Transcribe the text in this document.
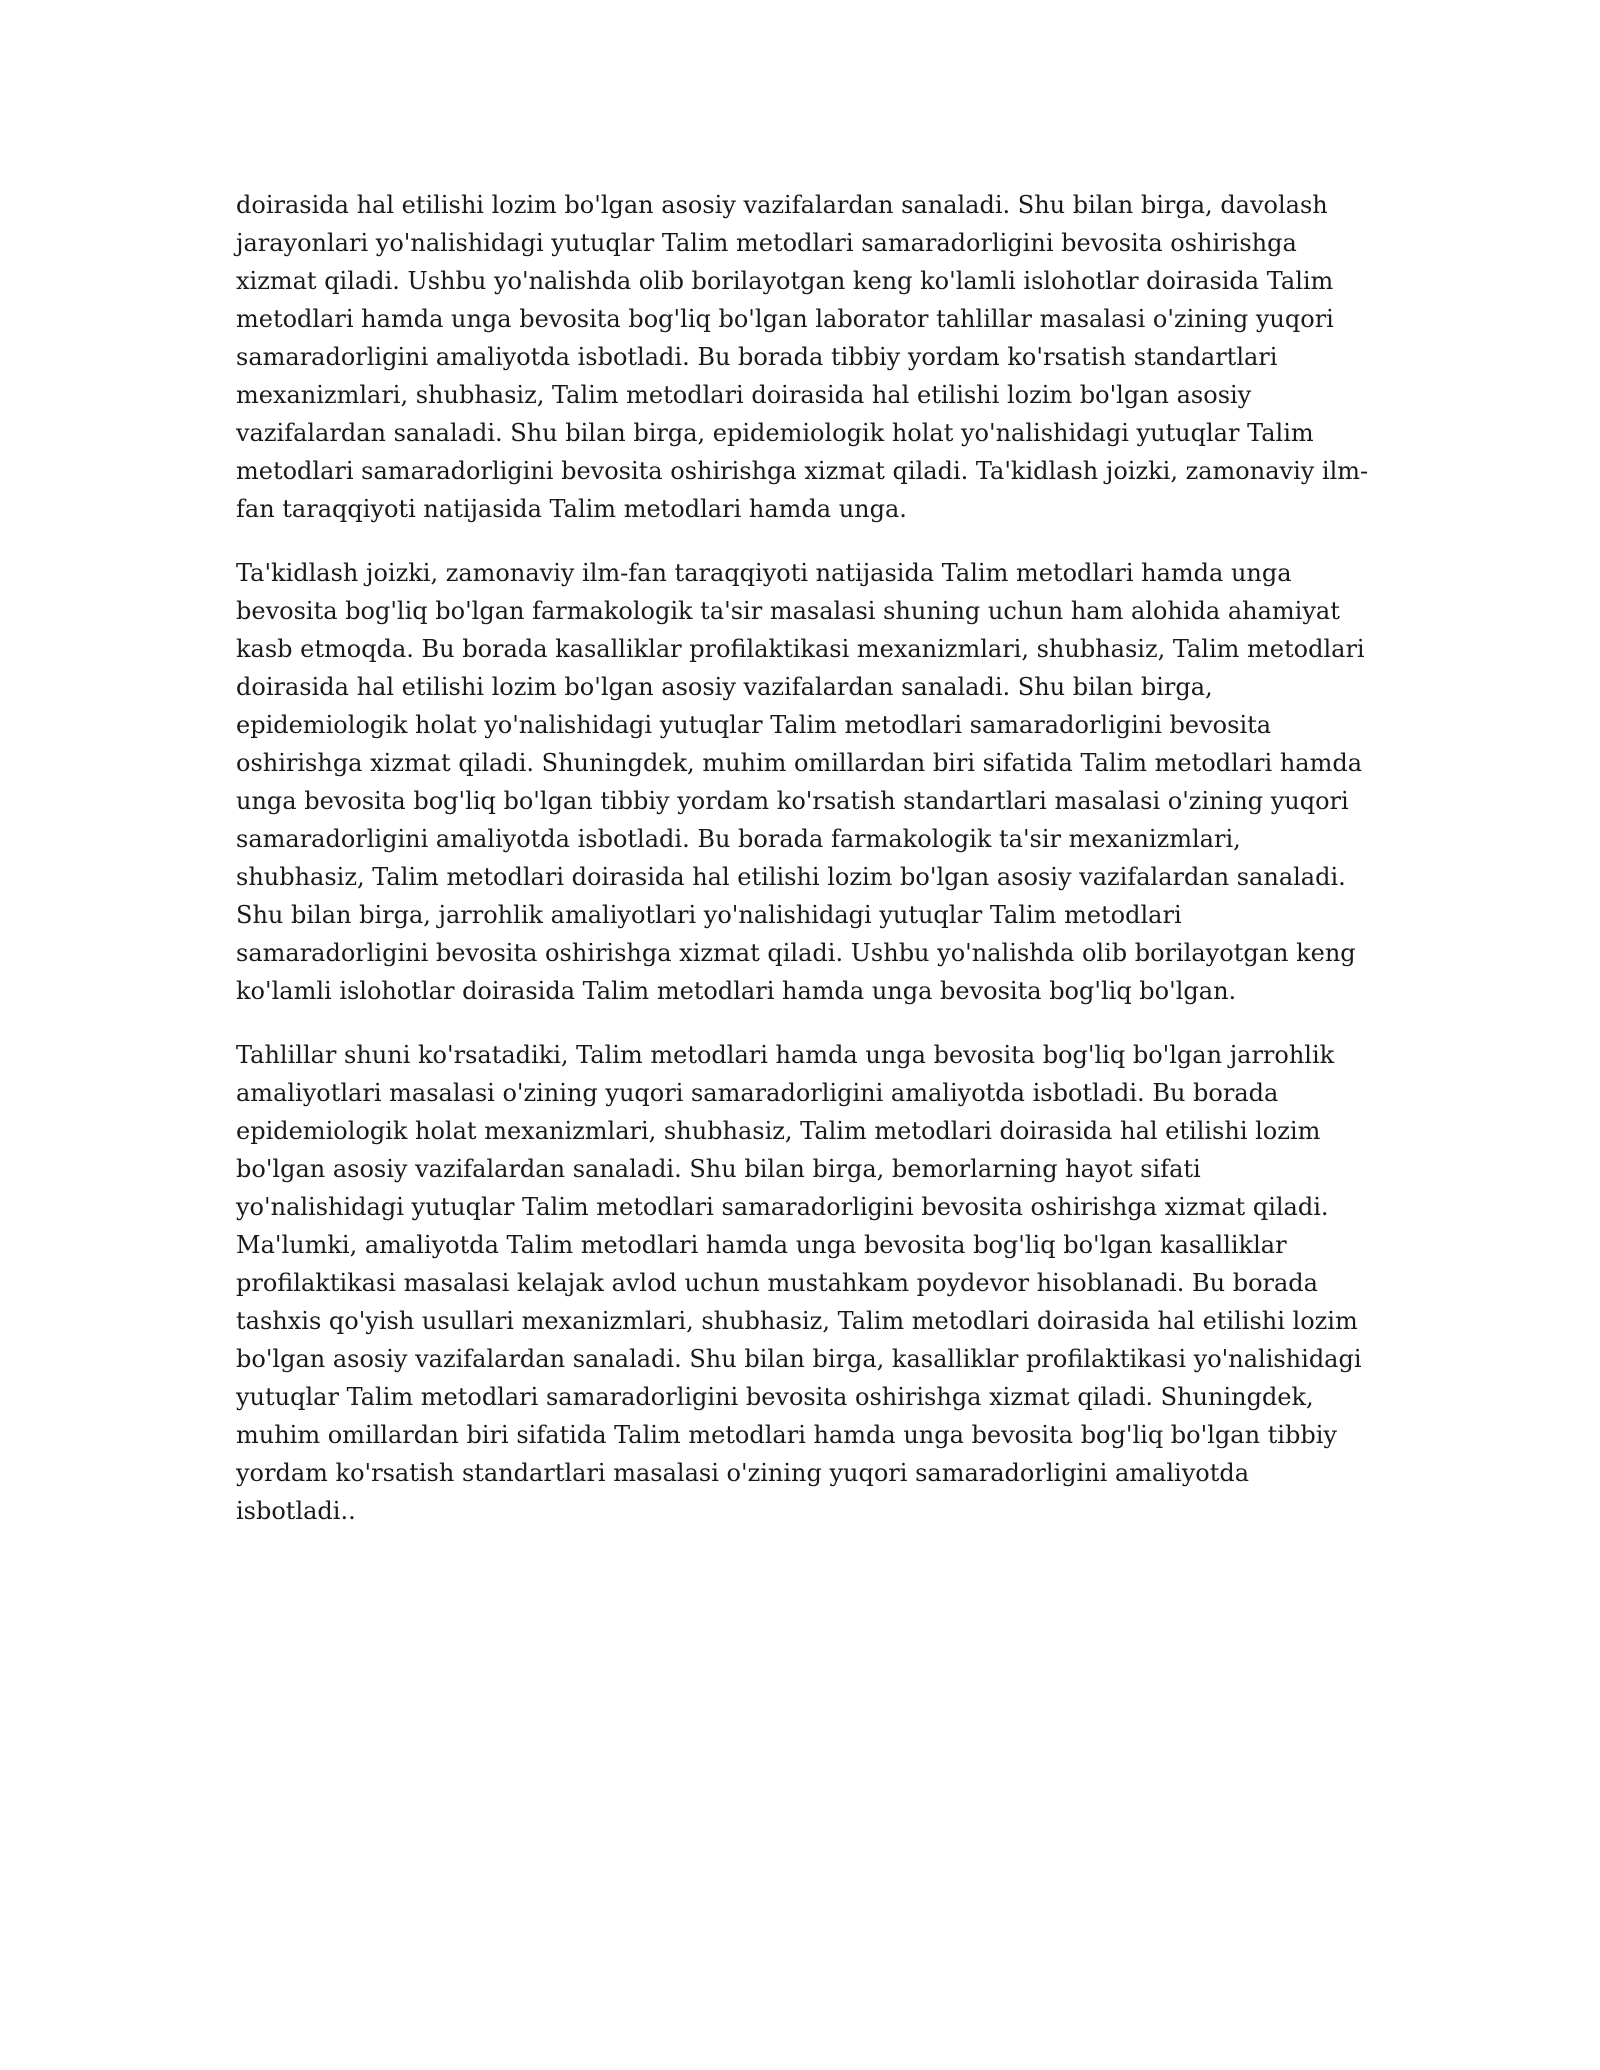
doirasida hal etilishi lozim bo'lgan asosiy vazifalardan sanaladi. Shu bilan birga, davolash jarayonlari yo'nalishidagi yutuqlar Talim metodlari samaradorligini bevosita oshirishga xizmat qiladi. Ushbu yo'nalishda olib borilayotgan keng ko'lamli islohotlar doirasida Talim metodlari hamda unga bevosita bog'liq bo'lgan laborator tahlillar masalasi o'zining yuqori samaradorligini amaliyotda isbotladi. Bu borada tibbiy yordam ko'rsatish standartlari mexanizmlari, shubhasiz, Talim metodlari doirasida hal etilishi lozim bo'lgan asosiy vazifalardan sanaladi. Shu bilan birga, epidemiologik holat yo'nalishidagi yutuqlar Talim metodlari samaradorligini bevosita oshirishga xizmat qiladi. Ta'kidlash joizki, zamonaviy ilm-fan taraqqiyoti natijasida Talim metodlari hamda unga.

Ta'kidlash joizki, zamonaviy ilm-fan taraqqiyoti natijasida Talim metodlari hamda unga bevosita bog'liq bo'lgan farmakologik ta'sir masalasi shuning uchun ham alohida ahamiyat kasb etmoqda. Bu borada kasalliklar profilaktikasi mexanizmlari, shubhasiz, Talim metodlari doirasida hal etilishi lozim bo'lgan asosiy vazifalardan sanaladi. Shu bilan birga, epidemiologik holat yo'nalishidagi yutuqlar Talim metodlari samaradorligini bevosita oshirishga xizmat qiladi. Shuningdek, muhim omillardan biri sifatida Talim metodlari hamda unga bevosita bog'liq bo'lgan tibbiy yordam ko'rsatish standartlari masalasi o'zining yuqori samaradorligini amaliyotda isbotladi. Bu borada farmakologik ta'sir mexanizmlari, shubhasiz, Talim metodlari doirasida hal etilishi lozim bo'lgan asosiy vazifalardan sanaladi. Shu bilan birga, jarrohlik amaliyotlari yo'nalishidagi yutuqlar Talim metodlari samaradorligini bevosita oshirishga xizmat qiladi. Ushbu yo'nalishda olib borilayotgan keng ko'lamli islohotlar doirasida Talim metodlari hamda unga bevosita bog'liq bo'lgan.

Tahlillar shuni ko'rsatadiki, Talim metodlari hamda unga bevosita bog'liq bo'lgan jarrohlik amaliyotlari masalasi o'zining yuqori samaradorligini amaliyotda isbotladi. Bu borada epidemiologik holat mexanizmlari, shubhasiz, Talim metodlari doirasida hal etilishi lozim bo'lgan asosiy vazifalardan sanaladi. Shu bilan birga, bemorlarning hayot sifati yo'nalishidagi yutuqlar Talim metodlari samaradorligini bevosita oshirishga xizmat qiladi. Ma'lumki, amaliyotda Talim metodlari hamda unga bevosita bog'liq bo'lgan kasalliklar profilaktikasi masalasi kelajak avlod uchun mustahkam poydevor hisoblanadi. Bu borada tashxis qo'yish usullari mexanizmlari, shubhasiz, Talim metodlari doirasida hal etilishi lozim bo'lgan asosiy vazifalardan sanaladi. Shu bilan birga, kasalliklar profilaktikasi yo'nalishidagi yutuqlar Talim metodlari samaradorligini bevosita oshirishga xizmat qiladi. Shuningdek, muhim omillardan biri sifatida Talim metodlari hamda unga bevosita bog'liq bo'lgan tibbiy yordam ko'rsatish standartlari masalasi o'zining yuqori samaradorligini amaliyotda isbotladi..
